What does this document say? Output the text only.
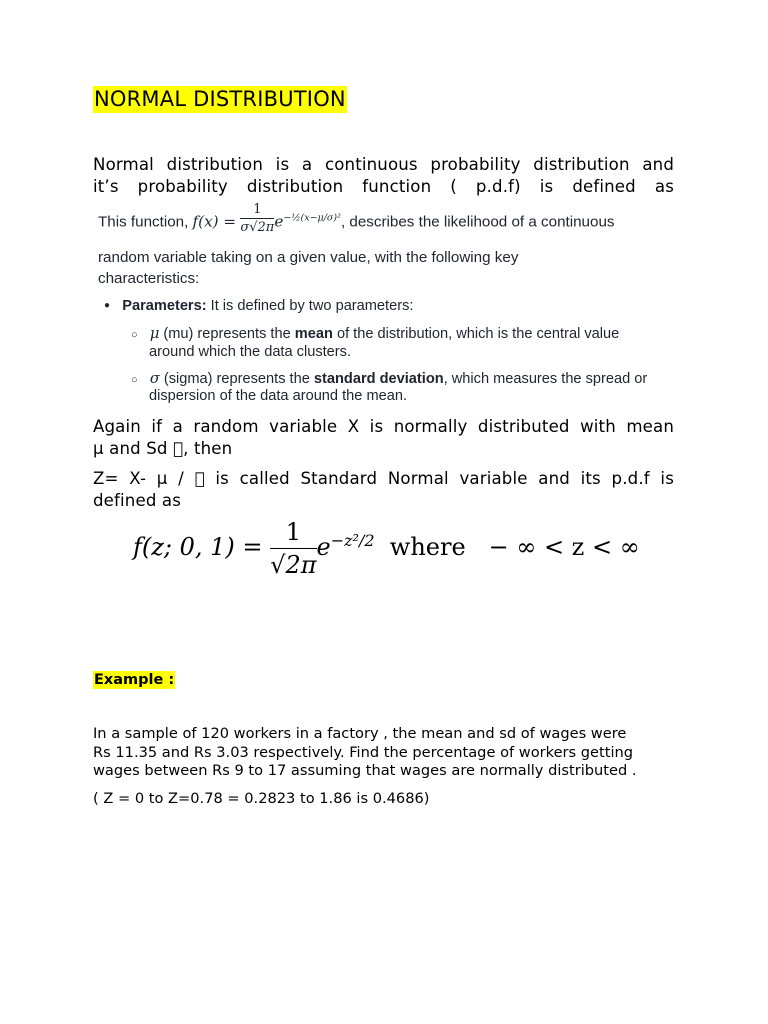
NORMAL DISTRIBUTION
Normal distribution is a continuous probability distribution and
it’s probability distribution function ( p.d.f) is defined as
This function, $f(x) = \frac{1}{\sigma√2\pi} e^{-\frac{1}{2}(x-\mu/\sigma)^2}$, describes the likelihood of a continuous
random variable taking on a given value, with the following key
characteristics:
● Parameters: It is defined by two parameters:
○ μ (mu) represents the mean of the distribution, which is the central value
around which the data clusters.
○ σ (sigma) represents the standard deviation, which measures the spread or
dispersion of the data around the mean.
Again if a random variable X is normally distributed with mean
µ and Sd  , then
Z= X- µ /   is called Standard Normal variable and its p.d.f is
defined as
f(z; 0, $1) = \frac{1}{√2\pi} e^{-z^2/2}$ where − ∞ < z < ∞
Example :
In a sample of 120 workers in a factory , the mean and sd of wages were
Rs 11.35 and Rs 3.03 respectively. Find the percentage of workers getting
wages between Rs 9 to 17 assuming that wages are normally distributed .
( Z = 0 to Z=0.78 = 0.2823 to 1.86 is 0.4686)
